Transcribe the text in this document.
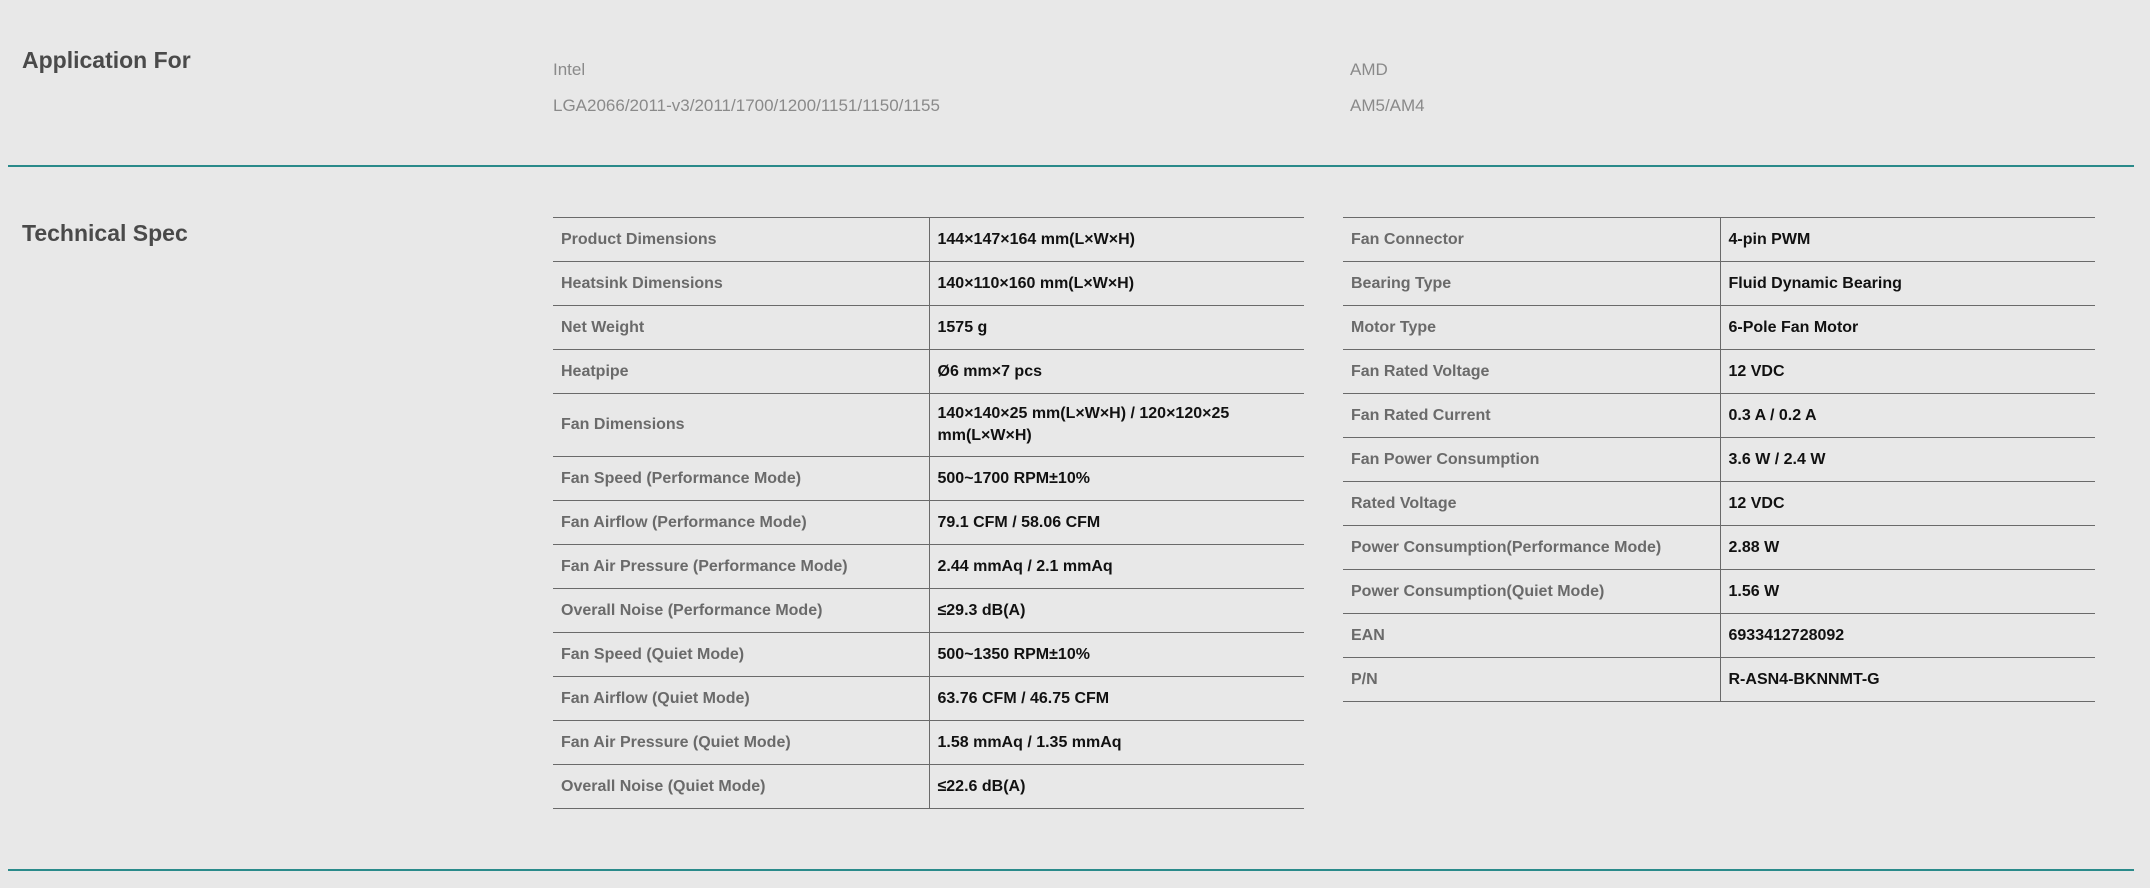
Application For	Intel
LGA2066/2011-v3/2011/1700/1200/1151/1150/1155
AMD
AM5/AM4
Technical Spec	Product Dimensions	144×147×164 mm(L×W×H)
Heatsink Dimensions	140×110×160 mm(L×W×H)
Net Weight	1575 g
Heatpipe	Ø6 mm×7 pcs
Fan Dimensions	140×140×25 mm(L×W×H) / 120×120×25 mm(L×W×H)
Fan Speed (Performance Mode)	500~1700 RPM±10%
Fan Airflow (Performance Mode)	79.1 CFM / 58.06 CFM
Fan Air Pressure (Performance Mode)	2.44 mmAq / 2.1 mmAq
Overall Noise (Performance Mode)	≤29.3 dB(A)
Fan Speed (Quiet Mode)	500~1350 RPM±10%
Fan Airflow (Quiet Mode)	63.76 CFM / 46.75 CFM
Fan Air Pressure (Quiet Mode)	1.58 mmAq / 1.35 mmAq
Overall Noise (Quiet Mode)	≤22.6 dB(A)
Fan Connector	4-pin PWM
Bearing Type	Fluid Dynamic Bearing
Motor Type	6-Pole Fan Motor
Fan Rated Voltage	12 VDC
Fan Rated Current	0.3 A / 0.2 A
Fan Power Consumption	3.6 W / 2.4 W
Rated Voltage	12 VDC
Power Consumption(Performance Mode)	2.88 W
Power Consumption(Quiet Mode)	1.56 W
EAN	6933412728092
P/N	R-ASN4-BKNNMT-G
